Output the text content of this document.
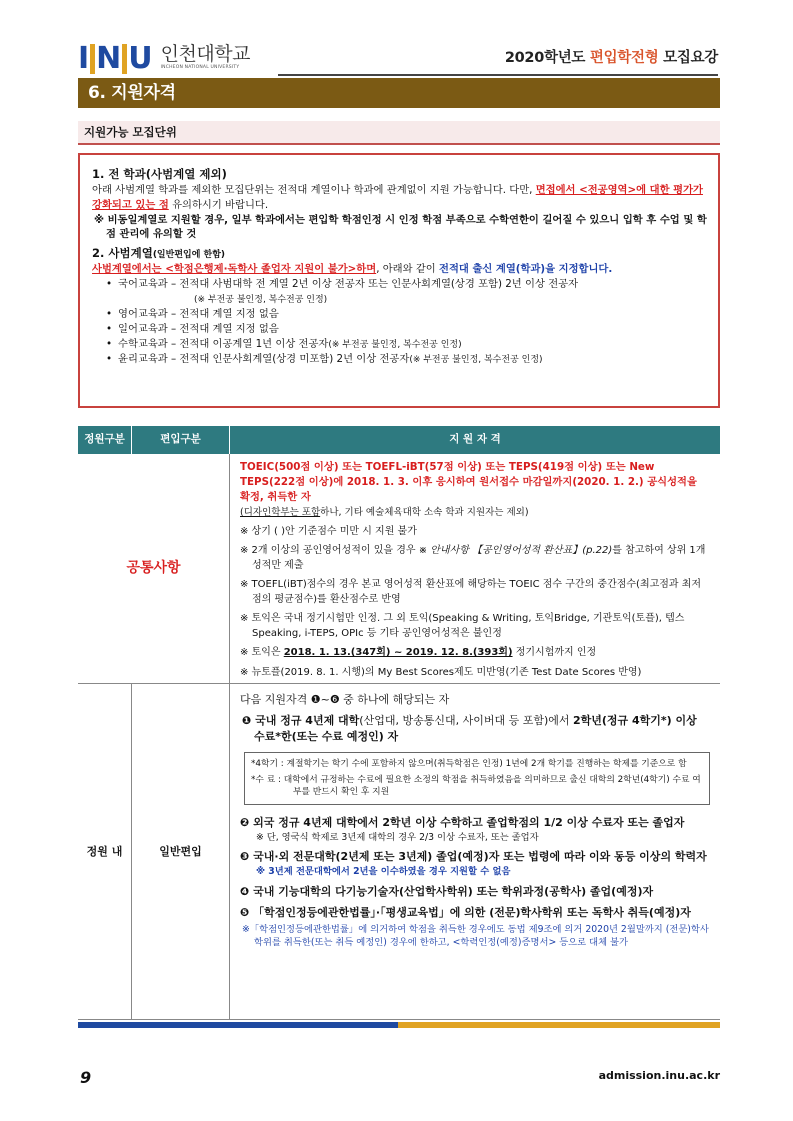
I N U 인천대학교
INCHEON NATIONAL UNIVERSITY
2020학년도 편입학전형 모집요강
6. 지원자격
지원가능 모집단위
1. 전 학과(사범계열 제외)
아래 사범계열 학과를 제외한 모집단위는 전적대 계열이나 학과에 관계없이 지원 가능합니다. 다만, 면접에서 <전공영역>에 대한 평가가 강화되고 있는 점 유의하시기 바랍니다.
※ 비동일계열로 지원할 경우, 일부 학과에서는 편입학 학점인정 시 인정 학점 부족으로 수학연한이 길어질 수 있으니 입학 후 수업 및 학점 관리에 유의할 것
2. 사범계열(일반편입에 한함)
사범계열에서는 <학점은행제·독학사 졸업자 지원이 불가>하며, 아래와 같이 전적대 출신 계열(학과)을 지정합니다.
• 국어교육과 – 전적대 사범대학 전 계열 2년 이상 전공자 또는 인문사회계열(상경 포함) 2년 이상 전공자
(※ 부전공 불인정, 복수전공 인정)
• 영어교육과 – 전적대 계열 지정 없음
• 일어교육과 – 전적대 계열 지정 없음
• 수학교육과 – 전적대 이공계열 1년 이상 전공자(※ 부전공 불인정, 복수전공 인정)
• 윤리교육과 – 전적대 인문사회계열(상경 미포함) 2년 이상 전공자(※ 부전공 불인정, 복수전공 인정)
정원구분	편입구분	지 원 자 격
공통사항
TOEIC(500점 이상) 또는 TOEFL-iBT(57점 이상) 또는 TEPS(419점 이상) 또는 New TEPS(222점 이상)에 2018. 1. 3. 이후 응시하여 원서접수 마감일까지(2020. 1. 2.) 공식성적을 확정, 취득한 자
(디자인학부는 포함하나, 기타 예술체육대학 소속 학과 지원자는 제외)
※ 상기 ( )안 기준점수 미만 시 지원 불가
※ 2개 이상의 공인영어성적이 있을 경우 ※ 안내사항 【공인영어성적 환산표】(p.22)를 참고하여 상위 1개 성적만 제출
※ TOEFL(iBT)점수의 경우 본교 영어성적 환산표에 해당하는 TOEIC 점수 구간의 중간점수(최고점과 최저점의 평균점수)를 환산점수로 반영
※ 토익은 국내 정기시험만 인정. 그 외 토익(Speaking & Writing, 토익Bridge, 기관토익(토플), 텝스Speaking, i-TEPS, OPIc 등 기타 공인영어성적은 불인정
※ 토익은 2018. 1. 13.(347회) ~ 2019. 12. 8.(393회) 정기시험까지 인정
※ 뉴토플(2019. 8. 1. 시행)의 My Best Scores제도 미반영(기존 Test Date Scores 반영)
정원 내	일반편입
다음 지원자격 ❶~❻ 중 하나에 해당되는 자
❶ 국내 정규 4년제 대학(산업대, 방송통신대, 사이버대 등 포함)에서 2학년(정규 4학기*) 이상 수료*한(또는 수료 예정인) 자
*4학기 : 계절학기는 학기 수에 포함하지 않으며(취득학점은 인정) 1년에 2개 학기를 진행하는 학제를 기준으로 함
*수 료 : 대학에서 규정하는 수료에 필요한 소정의 학점을 취득하였음을 의미하므로 출신 대학의 2학년(4학기) 수료 여부를 반드시 확인 후 지원
❷ 외국 정규 4년제 대학에서 2학년 이상 수학하고 졸업학점의 1/2 이상 수료자 또는 졸업자
※ 단, 영국식 학제로 3년제 대학의 경우 2/3 이상 수료자, 또는 졸업자
❸ 국내·외 전문대학(2년제 또는 3년제) 졸업(예정)자 또는 법령에 따라 이와 동등 이상의 학력자
※ 3년제 전문대학에서 2년을 이수하였을 경우 지원할 수 없음
❹ 국내 기능대학의 다기능기술자(산업학사학위) 또는 학위과정(공학사) 졸업(예정)자
❺ 「학점인정등에관한법률」·「평생교육법」에 의한 (전문)학사학위 또는 독학사 취득(예정)자
※「학점인정등에관한법률」에 의거하여 학점을 취득한 경우에도 동법 제9조에 의거 2020년 2월말까지 (전문)학사학위를 취득한(또는 취득 예정인) 경우에 한하고, <학력인정(예정)증명서> 등으로 대체 불가
9	admission.inu.ac.kr
